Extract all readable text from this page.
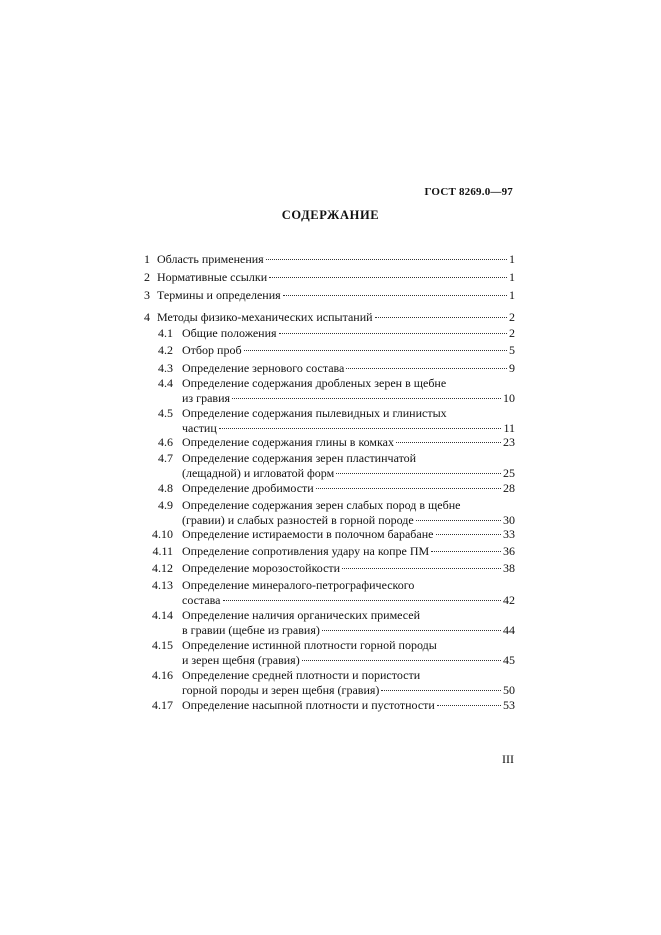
ГОСТ 8269.0—97
СОДЕРЖАНИЕ
1 Область применения	1
2 Нормативные ссылки	1
3 Термины и определения	1
4 Методы физико-механических испытаний	2
4.1 Общие положения	2
4.2 Отбор проб	5
4.3 Определение зернового состава	9
4.4 Определение содержания дробленых зерен в щебне
из гравия	10
4.5 Определение содержания пылевидных и глинистых
частиц	11
4.6 Определение содержания глины в комках	23
4.7 Определение содержания зерен пластинчатой
(лещадной) и игловатой форм	25
4.8 Определение дробимости	28
4.9 Определение содержания зерен слабых пород в щебне
(гравии) и слабых разностей в горной породе	30
4.10 Определение истираемости в полочном барабане	33
4.11 Определение сопротивления удару на копре ПМ	36
4.12 Определение морозостойкости	38
4.13 Определение минералого-петрографического
состава	42
4.14 Определение наличия органических примесей
в гравии (щебне из гравия)	44
4.15 Определение истинной плотности горной породы
и зерен щебня (гравия)	45
4.16 Определение средней плотности и пористости
горной породы и зерен щебня (гравия)	50
4.17 Определение насыпной плотности и пустотности	53
III
